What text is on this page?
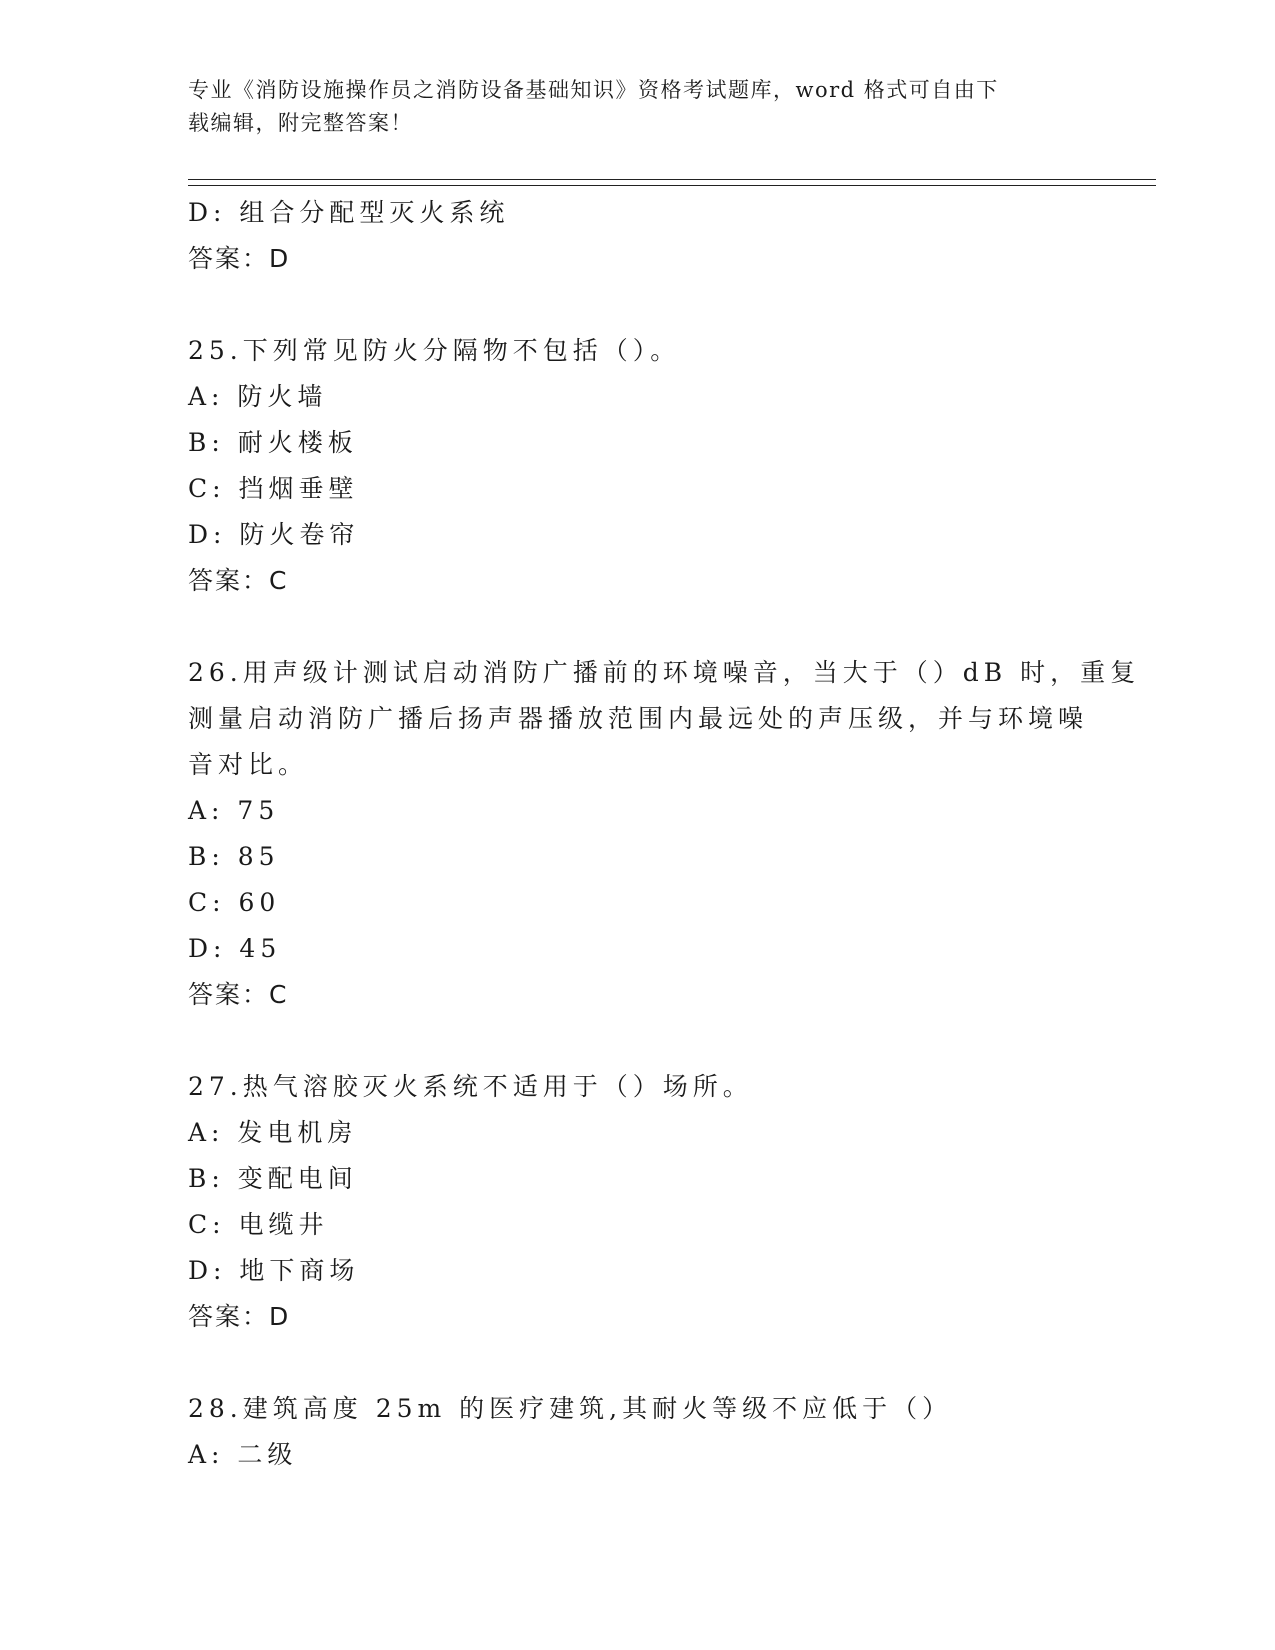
专业《消防设施操作员之消防设备基础知识》资格考试题库，word 格式可自由下
载编辑，附完整答案！

D: 组合分配型灭火系统

答案：D

25.下列常见防火分隔物不包括（）。

A: 防火墙

B: 耐火楼板

C: 挡烟垂壁

D: 防火卷帘

答案：C

26.用声级计测试启动消防广播前的环境噪音，当大于（）dB 时，重复
测量启动消防广播后扬声器播放范围内最远处的声压级，并与环境噪
音对比。

A: 75

B: 85

C: 60

D: 45

答案：C

27.热气溶胶灭火系统不适用于（）场所。

A: 发电机房

B: 变配电间

C: 电缆井

D: 地下商场

答案：D

28.建筑高度 25m 的医疗建筑,其耐火等级不应低于（）

A: 二级
